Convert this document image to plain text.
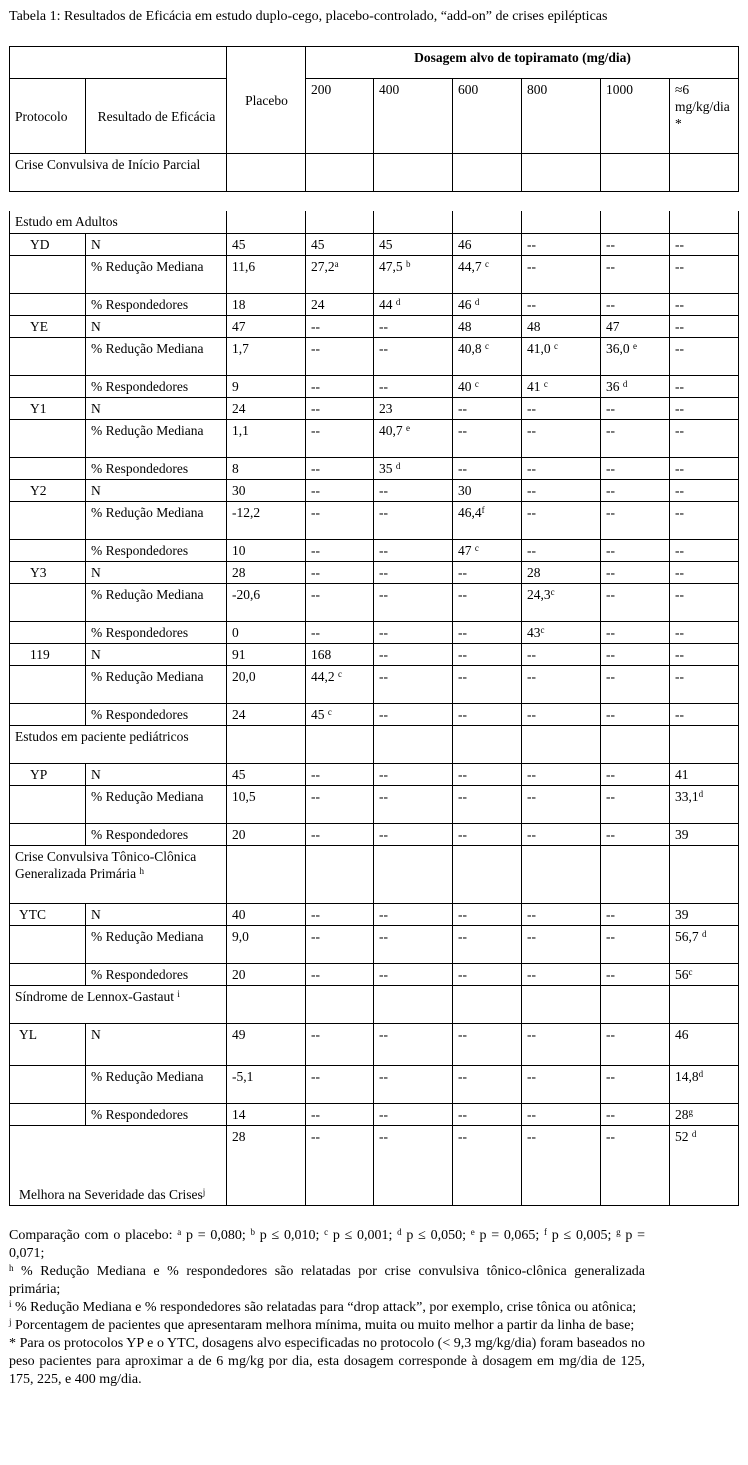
Tabela 1: Resultados de Eficácia em estudo duplo-cego, placebo-controlado, “add-on” de crises epilépticas
		Placebo	Dosagem alvo de topiramato (mg/dia)					
Protocolo	Resultado de Eficácia		200	400	600	800	1000	≈6 mg/kg/dia *
Crise Convulsiva de Início Parcial								
Estudo em Adultos								
YD	N	45	45	45	46	--	--	--
	% Redução Mediana	11,6	27,2$^a$	47,5 $^b$	44,7 $^c$	--	--	--
	% Respondedores	18	24	44 $^d$	46 $^d$	--	--	--
YE	N	47	--	--	48	48	47	--
	% Redução Mediana	1,7	--	--	40,8 $^c$	41,0 $^c$	36,0 $^e$	--
	% Respondedores	9	--	--	40 $^c$	41 $^c$	36 $^d$	--
Y1	N	24	--	23	--	--	--	--
	% Redução Mediana	1,1	--	40,7 $^e$	--	--	--	--
	% Respondedores	8	--	35 $^d$	--	--	--	--
Y2	N	30	--	--	30	--	--	--
	% Redução Mediana	-12,2	--	--	46,4$^f$	--	--	--
	% Respondedores	10	--	--	47 $^c$	--	--	--
Y3	N	28	--	--	--	28	--	--
	% Redução Mediana	-20,6	--	--	--	24,3$^c$	--	--
	% Respondedores	0	--	--	--	43$^c$	--	--
119	N	91	168	--	--	--	--	--
	% Redução Mediana	20,0	44,2 $^c$	--	--	--	--	--
	% Respondedores	24	45 $^c$	--	--	--	--	--
Estudos em paciente pediátricos								
YP	N	45	--	--	--	--	--	41
	% Redução Mediana	10,5	--	--	--	--	--	33,1$^d$
	% Respondedores	20	--	--	--	--	--	39
Crise Convulsiva Tônico-Clônica Generalizada Primária $^h$							
YTC	N	40	--	--	--	--	--	39
	% Redução Mediana	9,0	--	--	--	--	--	56,7 $^d$
	% Respondedores	20	--	--	--	--	--	56$^c$
Síndrome de Lennox-Gastaut $^i$							
YL	N	49	--	--	--	--	--	46
	% Redução Mediana	-5,1	--	--	--	--	--	14,8$^d$
	% Respondedores	14	--	--	--	--	--	28$^g$
Melhora na Severidade das Crises$^j$		28	--	--	--	--	--	52 $^d$

Comparação com o placebo: $^a$ p = 0,080; $^b$ p ≤ 0,010; $^c$ p ≤ 0,001; $^d$ p ≤ 0,050; $^e$ p = 0,065; $^f$ p ≤ 0,005; $^g$ p = 0,071;

$^h$ % Redução Mediana e % respondedores são relatadas por crise convulsiva tônico-clônica generalizada primária;

$^i$ % Redução Mediana e % respondedores são relatadas para “drop attack”, por exemplo, crise tônica ou atônica;

$^j$ Porcentagem de pacientes que apresentaram melhora mínima, muita ou muito melhor a partir da linha de base;

* Para os protocolos YP e o YTC, dosagens alvo especificadas no protocolo (< 9,3 mg/kg/dia) foram baseados no peso pacientes para aproximar a de 6 mg/kg por dia, esta dosagem corresponde à dosagem em mg/dia de 125, 175, 225, e 400 mg/dia.
